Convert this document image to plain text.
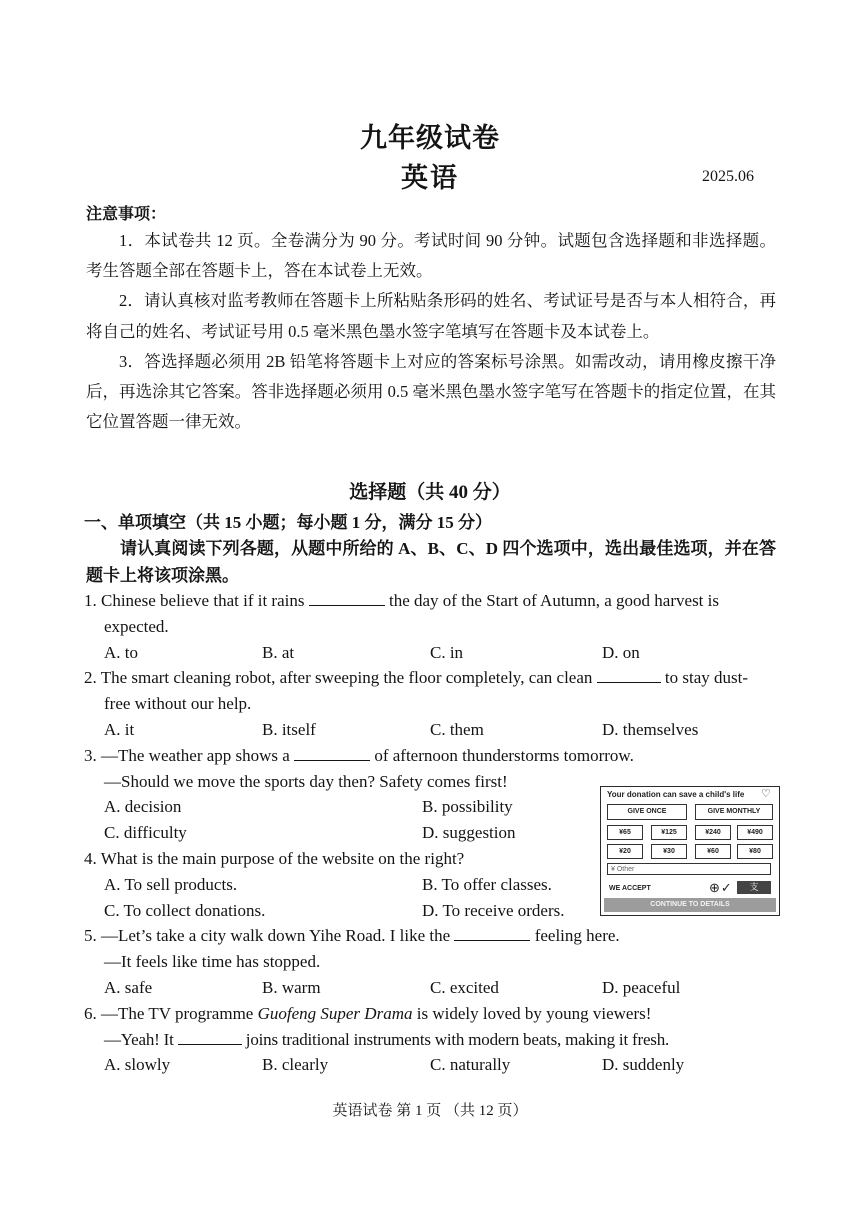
九年级试卷
英语	2025.06
注意事项：

1．本试卷共 12 页。全卷满分为 90 分。考试时间 90 分钟。试题包含选择题和非选择题。考生答题全部在答题卡上，答在本试卷上无效。

2．请认真核对监考教师在答题卡上所粘贴条形码的姓名、考试证号是否与本人相符合，再将自己的姓名、考试证号用 0.5 毫米黑色墨水签字笔填写在答题卡及本试卷上。

3．答选择题必须用 2B 铅笔将答题卡上对应的答案标号涂黑。如需改动，请用橡皮擦干净后，再选涂其它答案。答非选择题必须用 0.5 毫米黑色墨水签字笔写在答题卡的指定位置，在其它位置答题一律无效。

选择题（共 40 分）
一、单项填空（共 15 小题；每小题 1 分，满分 15 分）

请认真阅读下列各题，从题中所给的 A、B、C、D 四个选项中，选出最佳选项，并在答题卡上将该项涂黑。

1. Chinese believe that if it rains	the day of the Start of Autumn, a good harvest is expected.
A. to	B. at	C. in	D. on
2. The smart cleaning robot, after sweeping the floor completely, can clean	to stay dust-free without our help.
A. it	B. itself	C. them	D. themselves
3. —The weather app shows a	of afternoon thunderstorms tomorrow.
—Should we move the sports day then? Safety comes first!
A. decision	B. possibility
C. difficulty	D. suggestion
4. What is the main purpose of the website on the right?
A. To sell products.	B. To offer classes.
C. To collect donations.	D. To receive orders.
5. —Let’s take a city walk down Yihe Road. I like the	feeling here.
—It feels like time has stopped.
A. safe	B. warm	C. excited	D. peaceful
6. —The TV programme Guofeng Super Drama is widely loved by young viewers!
—Yeah! It	joins traditional instruments with modern beats, making it fresh.
A. slowly	B. clearly	C. naturally	D. suddenly
Your donation can save a child's life ♡
GIVE ONCE	GIVE MONTHLY
¥65	¥125	¥240	¥490
¥20	¥30	¥60	¥80
¥ Other
WE ACCEPT	⊕✓	支
CONTINUE TO DETAILS
英语试卷 第 1 页 （共 12 页）
